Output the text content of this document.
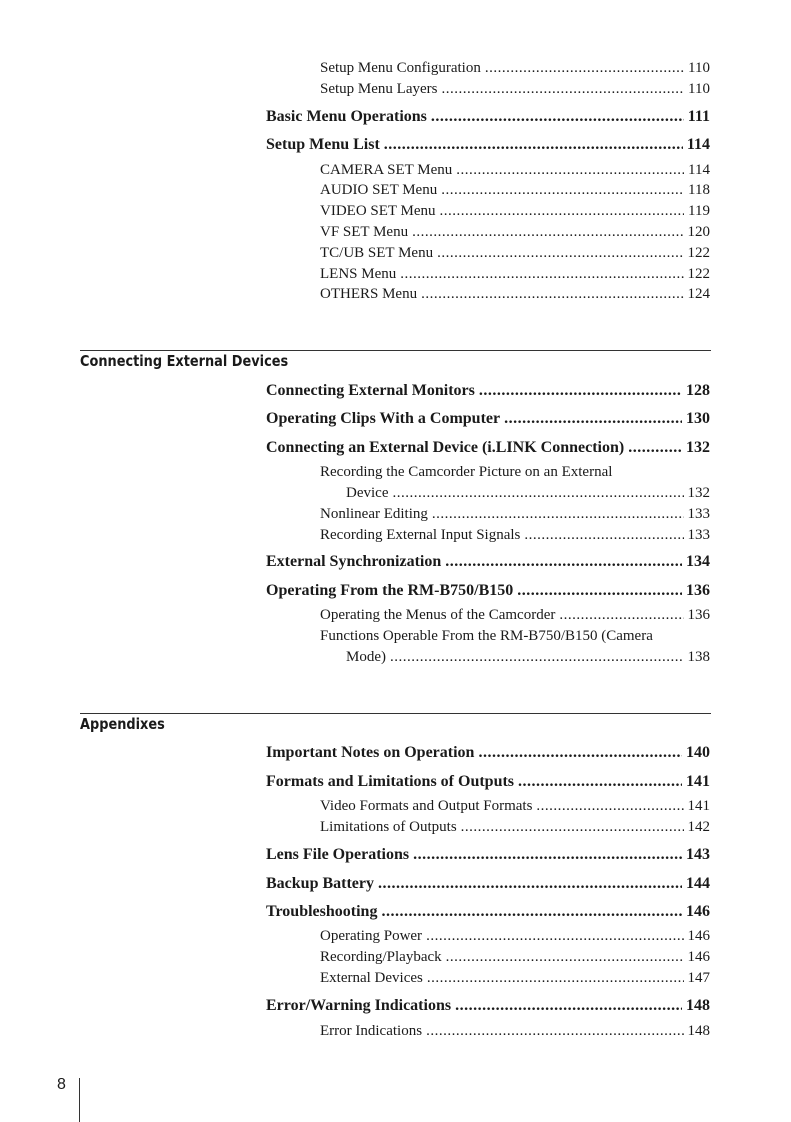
Setup Menu Configuration .....	110
Setup Menu Layers .....	110
Basic Menu Operations .....	111
Setup Menu List .....	114
CAMERA SET Menu .....	114
AUDIO SET Menu .....	118
VIDEO SET Menu .....	119
VF SET Menu .....	120
TC/UB SET Menu .....	122
LENS Menu .....	122
OTHERS Menu .....	124
Connecting External Devices
Connecting External Monitors .....	128
Operating Clips With a Computer .....	130
Connecting an External Device (i.LINK Connection) .....	132
Recording the Camcorder Picture on an External
Device .....	132
Nonlinear Editing .....	133
Recording External Input Signals .....	133
External Synchronization .....	134
Operating From the RM-B750/B150 .....	136
Operating the Menus of the Camcorder .....	136
Functions Operable From the RM-B750/B150 (Camera
Mode) .....	138
Appendixes
Important Notes on Operation .....	140
Formats and Limitations of Outputs .....	141
Video Formats and Output Formats .....	141
Limitations of Outputs .....	142
Lens File Operations .....	143
Backup Battery .....	144
Troubleshooting .....	146
Operating Power .....	146
Recording/Playback .....	146
External Devices .....	147
Error/Warning Indications .....	148
Error Indications .....	148
8
